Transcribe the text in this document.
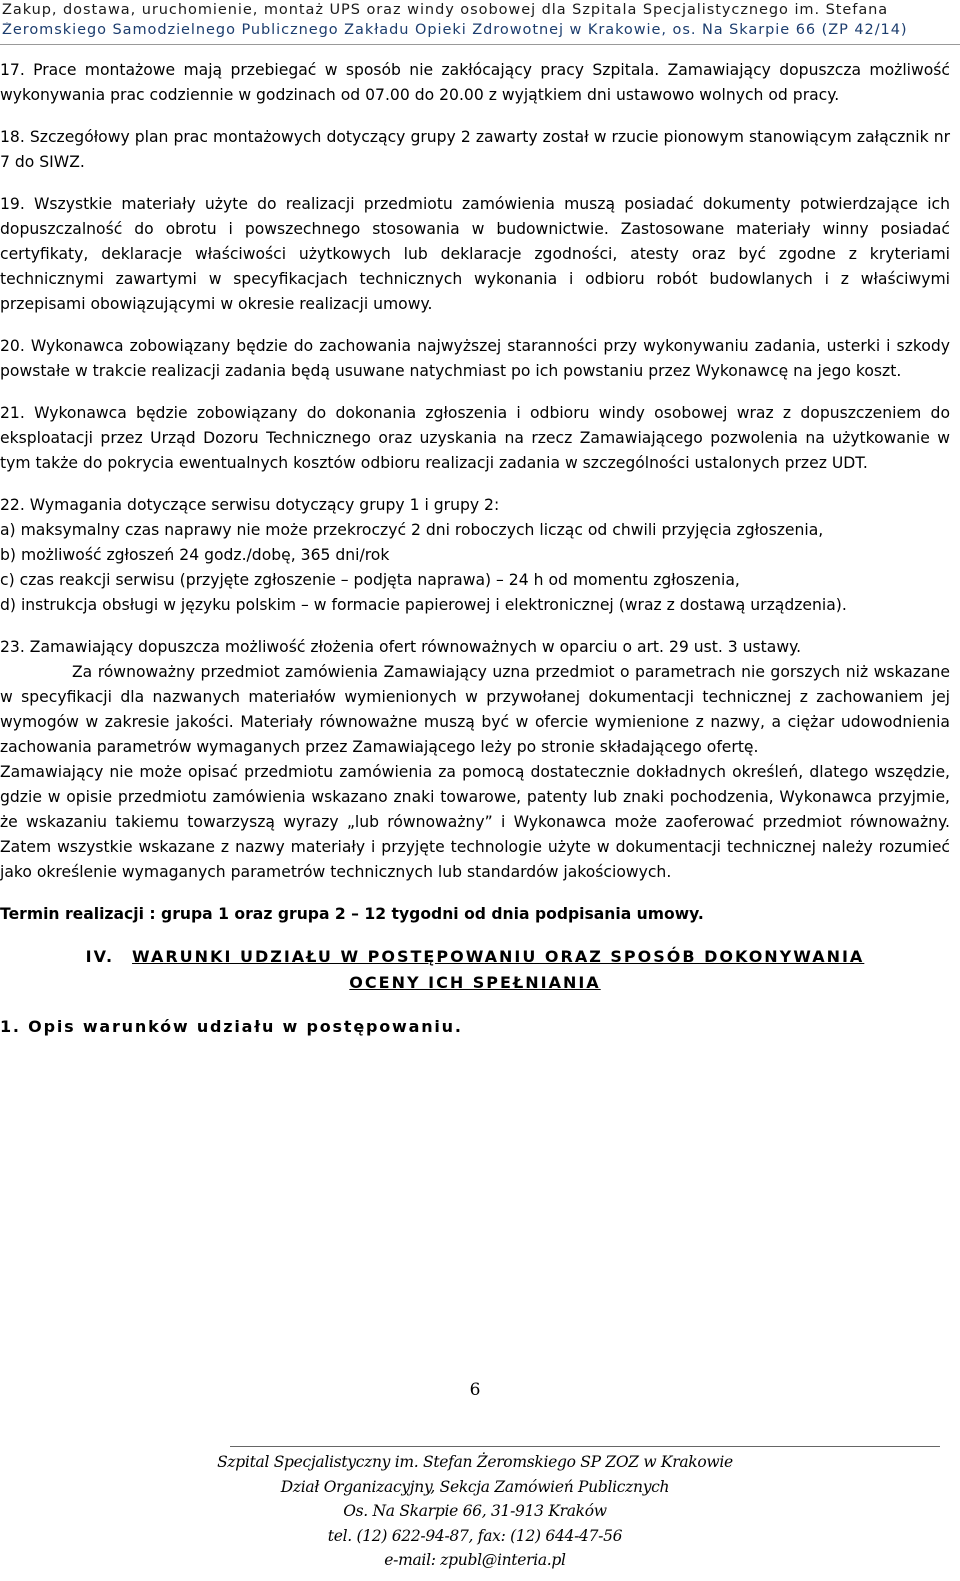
Zakup, dostawa, uruchomienie, montaż UPS oraz windy osobowej dla Szpitala Specjalistycznego im. Stefana
Żeromskiego Samodzielnego Publicznego Zakładu Opieki Zdrowotnej w Krakowie, os. Na Skarpie 66 (ZP 42/14)

17. Prace montażowe mają przebiegać w sposób nie zakłócający pracy Szpitala. Zamawiający dopuszcza możliwość wykonywania prac codziennie w godzinach od 07.00 do 20.00 z wyjątkiem dni ustawowo wolnych od pracy.

18. Szczegółowy plan prac montażowych dotyczący grupy 2 zawarty został w rzucie pionowym stanowiącym załącznik nr 7 do SIWZ.

19. Wszystkie materiały użyte do realizacji przedmiotu zamówienia muszą posiadać dokumenty potwierdzające ich dopuszczalność do obrotu i powszechnego stosowania w budownictwie. Zastosowane materiały winny posiadać certyfikaty, deklaracje właściwości użytkowych lub deklaracje zgodności, atesty oraz być zgodne z kryteriami technicznymi zawartymi w specyfikacjach technicznych wykonania i odbioru robót budowlanych i z właściwymi przepisami obowiązującymi w okresie realizacji umowy.

20. Wykonawca zobowiązany będzie do zachowania najwyższej staranności przy wykonywaniu zadania, usterki i szkody powstałe w trakcie realizacji zadania będą usuwane natychmiast po ich powstaniu przez Wykonawcę na jego koszt.

21. Wykonawca będzie zobowiązany do dokonania zgłoszenia i odbioru windy osobowej wraz z dopuszczeniem do eksploatacji przez Urząd Dozoru Technicznego oraz uzyskania na rzecz Zamawiającego pozwolenia na użytkowanie w tym także do pokrycia ewentualnych kosztów odbioru realizacji zadania w szczególności ustalonych przez UDT.

22. Wymagania dotyczące serwisu dotyczący grupy 1 i grupy 2:

a) maksymalny czas naprawy nie może przekroczyć 2 dni roboczych licząc od chwili przyjęcia zgłoszenia,

b) możliwość zgłoszeń 24 godz./dobę, 365 dni/rok

c) czas reakcji serwisu (przyjęte zgłoszenie – podjęta naprawa) – 24 h od momentu zgłoszenia,

d) instrukcja obsługi w języku polskim – w formacie papierowej i elektronicznej (wraz z dostawą urządzenia).

23. Zamawiający dopuszcza możliwość złożenia ofert równoważnych w oparciu o art. 29 ust. 3 ustawy.

Za równoważny przedmiot zamówienia Zamawiający uzna przedmiot o parametrach nie gorszych niż wskazane w specyfikacji dla nazwanych materiałów wymienionych w przywołanej dokumentacji technicznej z zachowaniem jej wymogów w zakresie jakości. Materiały równoważne muszą być w ofercie wymienione z nazwy, a ciężar udowodnienia zachowania parametrów wymaganych przez Zamawiającego leży po stronie składającego ofertę.

Zamawiający nie może opisać przedmiotu zamówienia za pomocą dostatecznie dokładnych określeń, dlatego wszędzie, gdzie w opisie przedmiotu zamówienia wskazano znaki towarowe, patenty lub znaki pochodzenia, Wykonawca przyjmie, że wskazaniu takiemu towarzyszą wyrazy „lub równoważny” i Wykonawca może zaoferować przedmiot równoważny. Zatem wszystkie wskazane z nazwy materiały i przyjęte technologie użyte w dokumentacji technicznej należy rozumieć jako określenie wymaganych parametrów technicznych lub standardów jakościowych.

Termin realizacji : grupa 1 oraz grupa 2 – 12 tygodni od dnia podpisania umowy.

IV. WARUNKI UDZIAŁU W POSTĘPOWANIU ORAZ SPOSÓB DOKONYWANIA
OCENY ICH SPEŁNIANIA
1. Opis warunków udziału w postępowaniu.
6
Szpital Specjalistyczny im. Stefan Żeromskiego SP ZOZ w Krakowie
Dział Organizacyjny, Sekcja Zamówień Publicznych
Os. Na Skarpie 66, 31-913 Kraków
tel. (12) 622-94-87, fax: (12) 644-47-56
e-mail: zpubl@interia.pl
